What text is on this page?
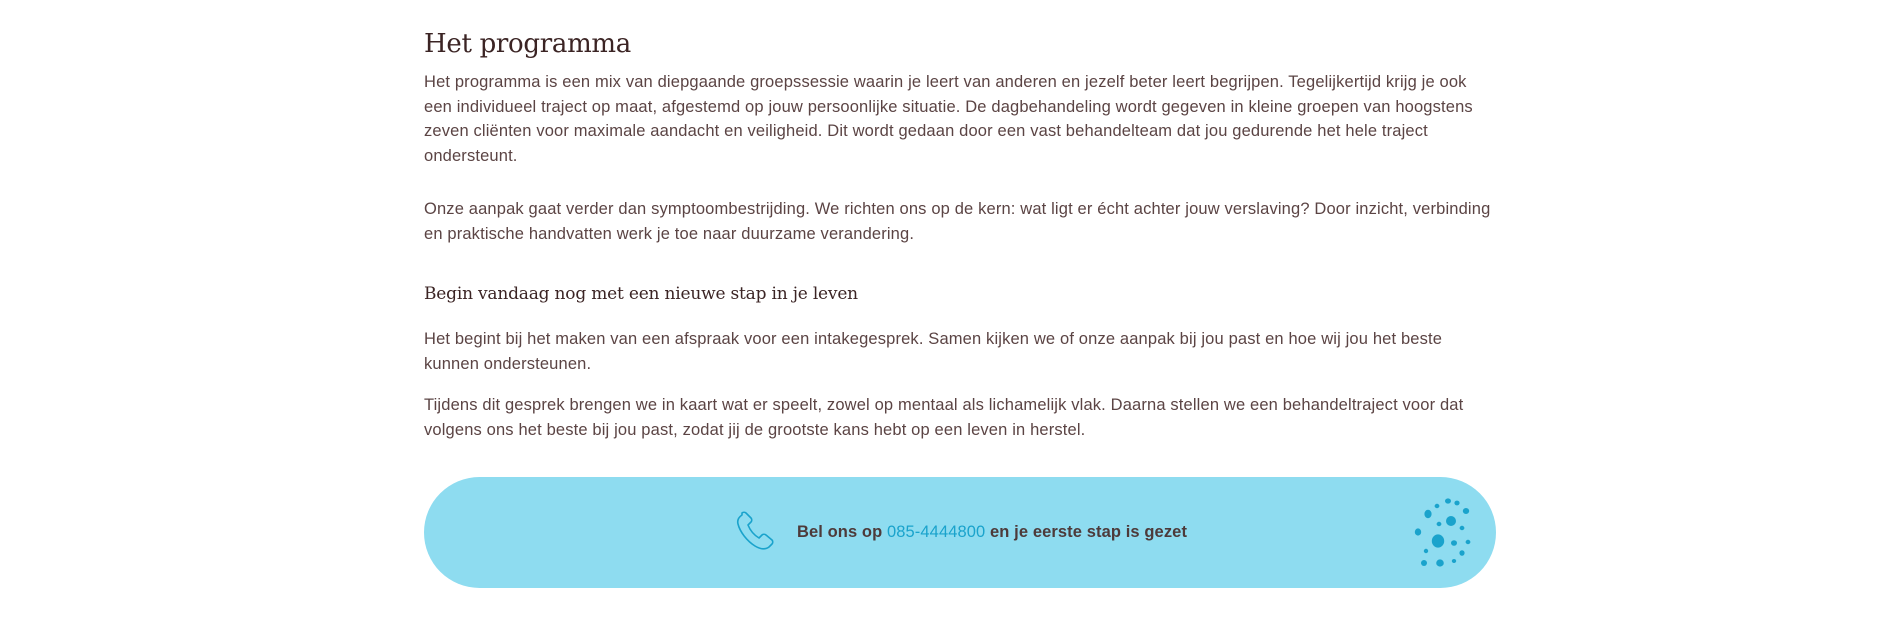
Het programma

Het programma is een mix van diepgaande groepssessie waarin je leert van anderen en jezelf beter leert begrijpen. Tegelijkertijd krijg je ook een individueel traject op maat, afgestemd op jouw persoonlijke situatie. De dagbehandeling wordt gegeven in kleine groepen van hoogstens zeven cliënten voor maximale aandacht en veiligheid. Dit wordt gedaan door een vast behandelteam dat jou gedurende het hele traject ondersteunt.

Onze aanpak gaat verder dan symptoombestrijding. We richten ons op de kern: wat ligt er écht achter jouw verslaving? Door inzicht, verbinding en praktische handvatten werk je toe naar duurzame verandering.

Begin vandaag nog met een nieuwe stap in je leven

Het begint bij het maken van een afspraak voor een intakegesprek. Samen kijken we of onze aanpak bij jou past en hoe wij jou het beste kunnen ondersteunen.

Tijdens dit gesprek brengen we in kaart wat er speelt, zowel op mentaal als lichamelijk vlak. Daarna stellen we een behandeltraject voor dat volgens ons het beste bij jou past, zodat jij de grootste kans hebt op een leven in herstel.

Bel ons op 085-4444800 en je eerste stap is gezet
